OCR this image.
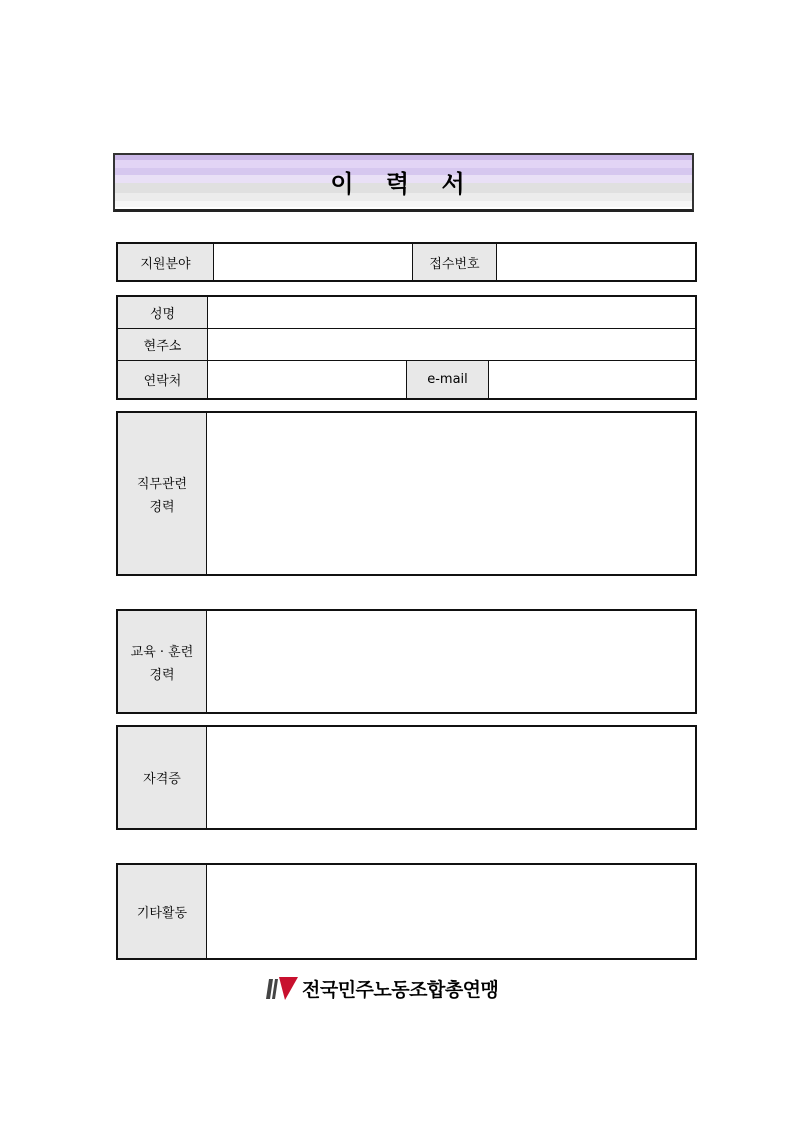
이 력 서
지원분야		접수번호	
성명			
현주소			
연락처		e-mail	
직무관련
경력

교육 · 훈련
경력

자격증	
기타활동	
전국민주노동조합총연맹
